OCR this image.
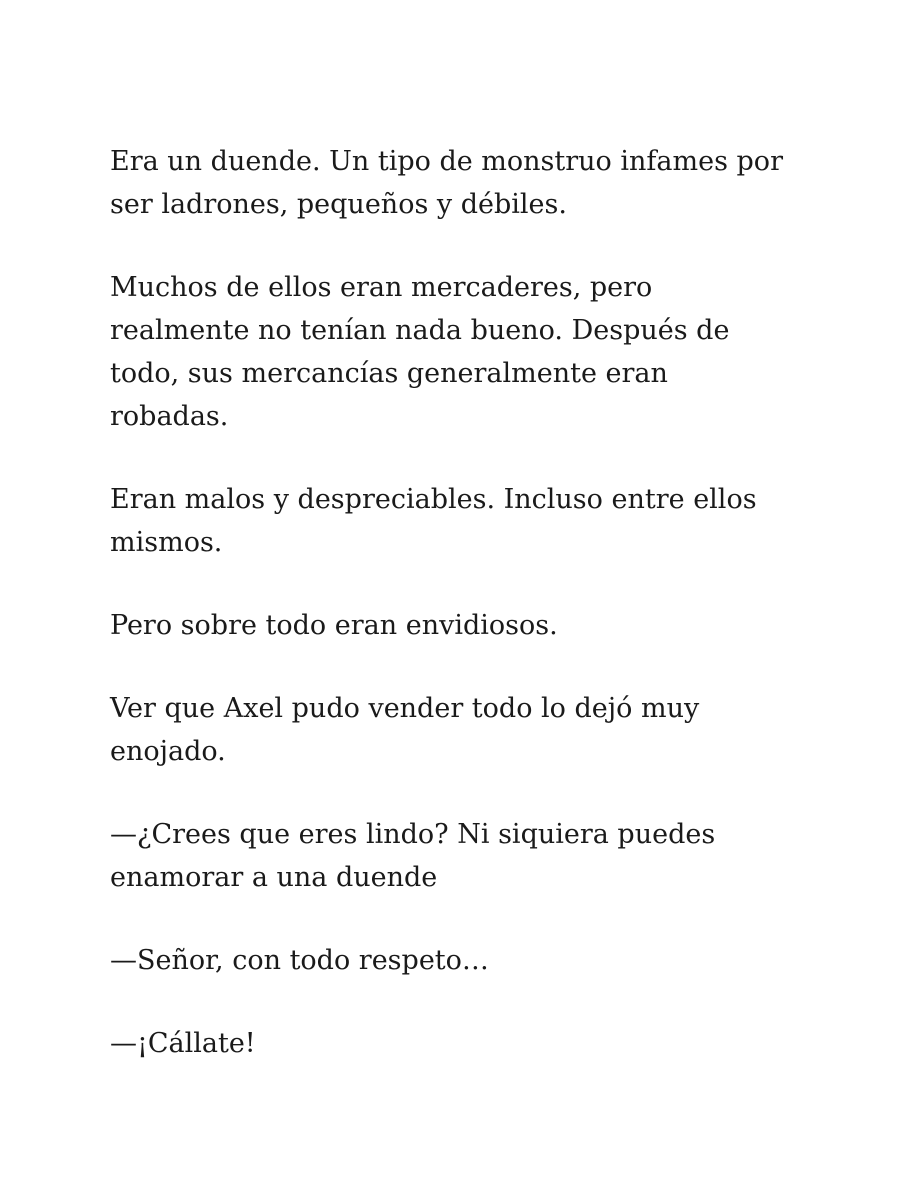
Era un duende. Un tipo de monstruo infames por ser ladrones, pequeños y débiles.

Muchos de ellos eran mercaderes, pero realmente no tenían nada bueno. Después de todo, sus mercancías generalmente eran robadas.

Eran malos y despreciables. Incluso entre ellos mismos.

Pero sobre todo eran envidiosos.

Ver que Axel pudo vender todo lo dejó muy enojado.

—¿Crees que eres lindo? Ni siquiera puedes enamorar a una duende

—Señor, con todo respeto…

—¡Cállate!
